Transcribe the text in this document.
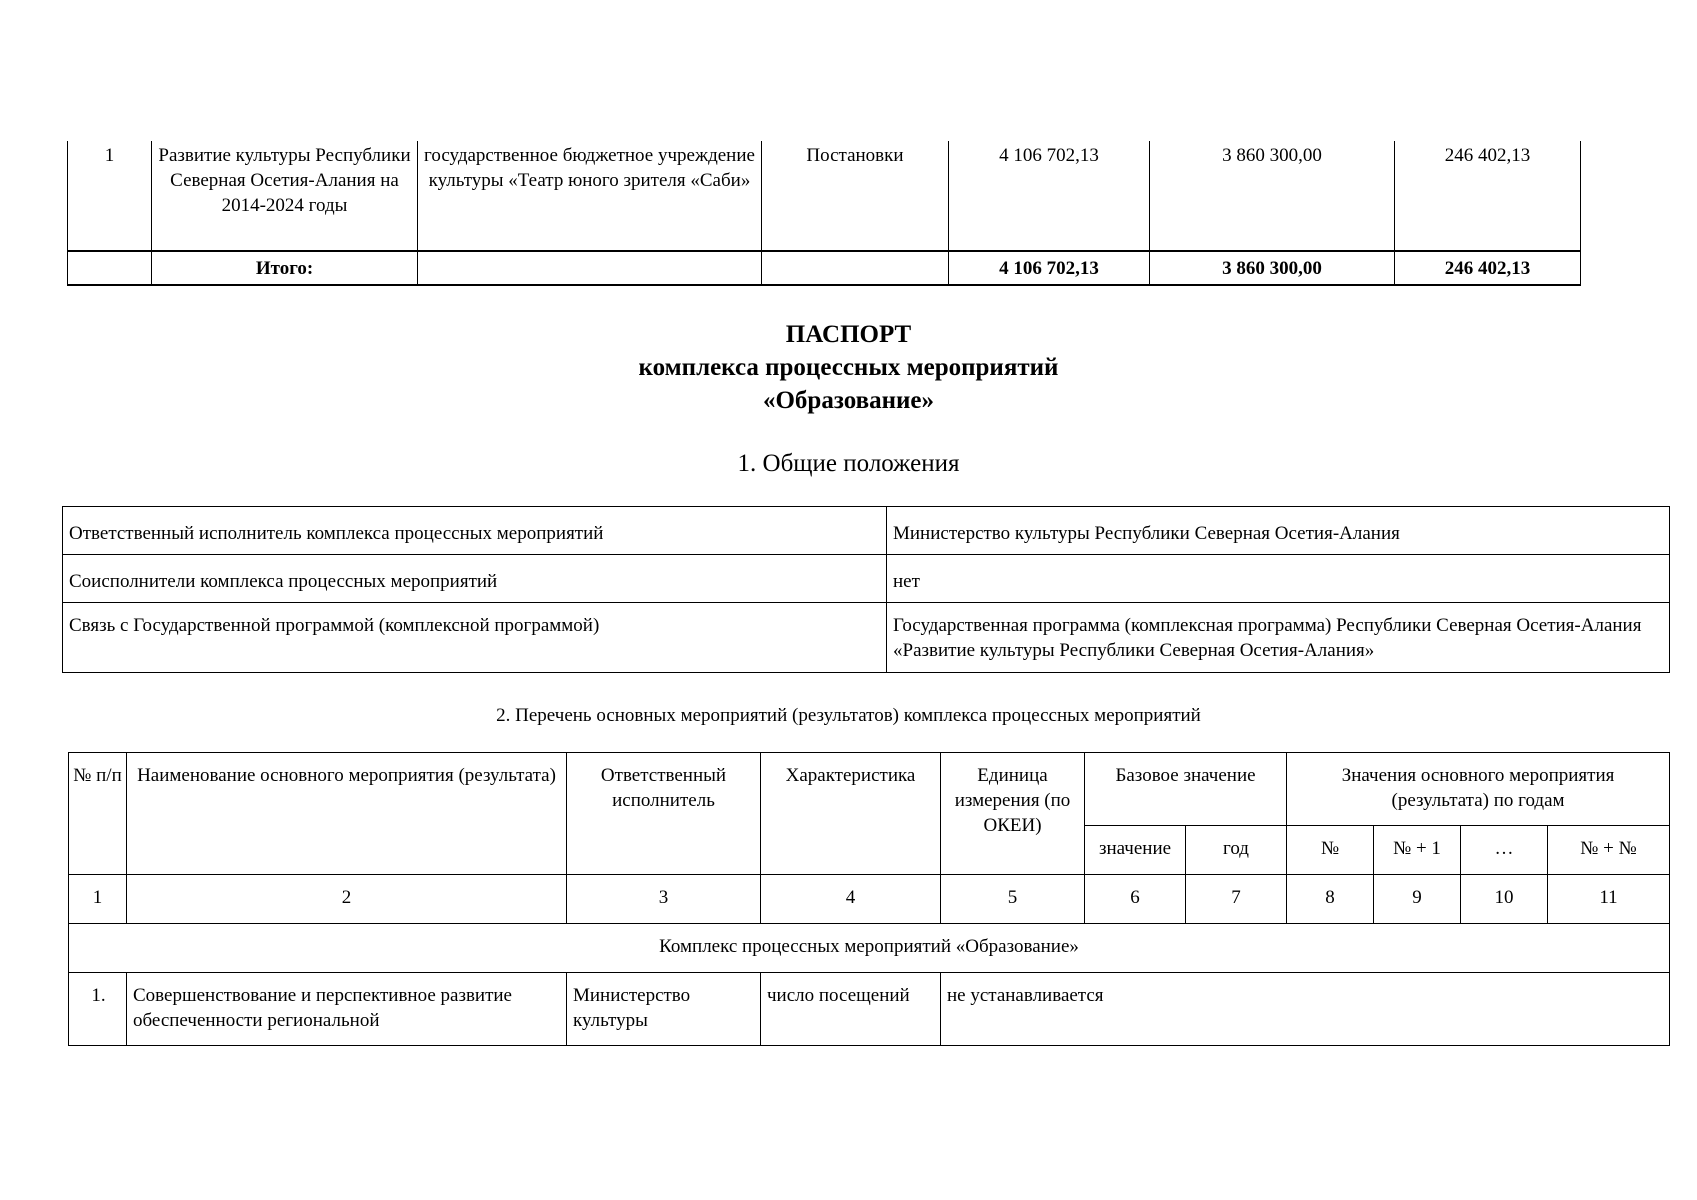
1	Развитие культуры Республики Северная Осетия-Алания на 2014-2024 годы	государственное бюджетное учреждение культуры «Театр юного зрителя «Саби»	Постановки	4 106 702,13	3 860 300,00	246 402,13
	Итого:			4 106 702,13	3 860 300,00	246 402,13
ПАСПОРТ
комплекса процессных мероприятий
«Образование»
1. Общие положения
Ответственный исполнитель комплекса процессных мероприятий	Министерство культуры Республики Северная Осетия-Алания
Соисполнители комплекса процессных мероприятий	нет
Связь с Государственной программой (комплексной программой)	Государственная программа (комплексная программа) Республики Северная Осетия-Алания «Развитие культуры Республики Северная Осетия-Алания»
2. Перечень основных мероприятий (результатов) комплекса процессных мероприятий
№ п/п	Наименование основного мероприятия (результата)	Ответственный исполнитель	Характеристика	Единица измерения (по ОКЕИ)	Базовое значение		Значения основного мероприятия (результата) по годам			
					значение	год	№	№ + 1	…	№ + №
1	2	3	4	5	6	7	8	9	10	11
Комплекс процессных мероприятий «Образование»										
1.	Совершенствование и перспективное развитие обеспеченности региональной	Министерство культуры	число посещений	не устанавливается						
